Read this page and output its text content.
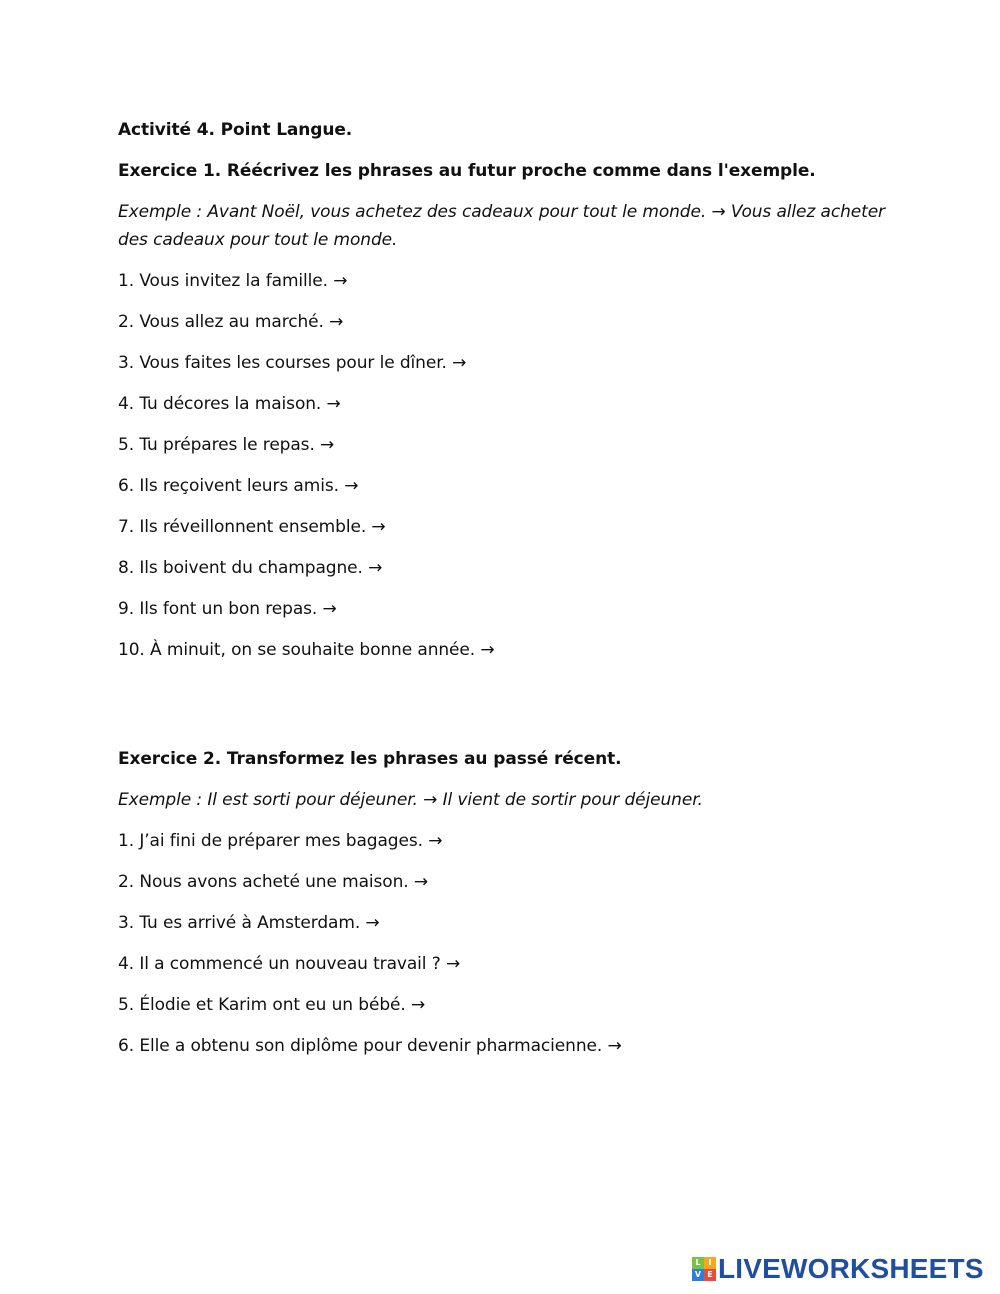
Activité 4. Point Langue.

Exercice 1. Réécrivez les phrases au futur proche comme dans l'exemple.

Exemple : Avant Noël, vous achetez des cadeaux pour tout le monde. → Vous allez acheter des cadeaux pour tout le monde.

1. Vous invitez la famille. →
2. Vous allez au marché. →
3. Vous faites les courses pour le dîner. →
4. Tu décores la maison. →
5. Tu prépares le repas. →
6. Ils reçoivent leurs amis. →
7. Ils réveillonnent ensemble. →
8. Ils boivent du champagne. →
9. Ils font un bon repas. →
10. À minuit, on se souhaite bonne année. →

Exercice 2. Transformez les phrases au passé récent.

Exemple : Il est sorti pour déjeuner. → Il vient de sortir pour déjeuner.

1. J’ai fini de préparer mes bagages. →
2. Nous avons acheté une maison. →
3. Tu es arrivé à Amsterdam. →
4. Il a commencé un nouveau travail ? →
5. Élodie et Karim ont eu un bébé. →
6. Elle a obtenu son diplôme pour devenir pharmacienne. →
L I
V E LIVEWORKSHEETS
